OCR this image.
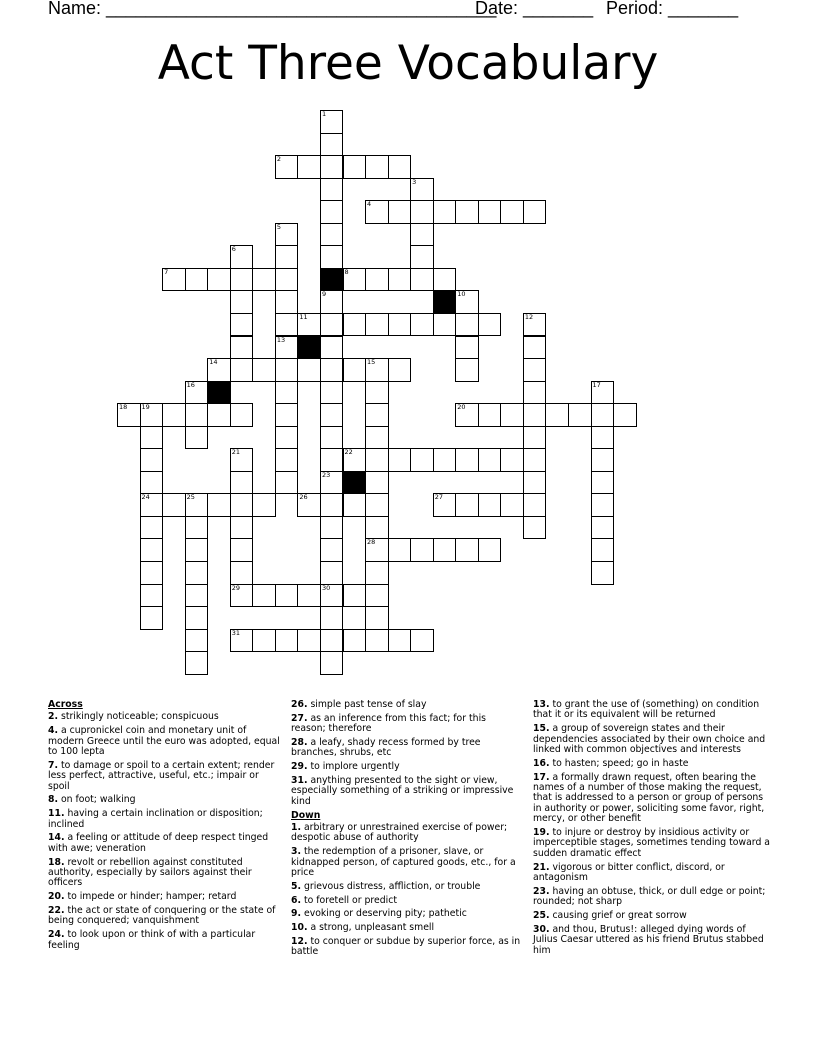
Name: _______________________________________
Date: _______ Period: _______
Act Three Vocabulary
1
9
2
3
4
5
13
6
7	8
23
30
10
11	12
14	15
28
16	17
18 19
24
20
21	22
25	26	27
29
31
Across
2. strikingly noticeable; conspicuous
4. a cupronickel coin and monetary unit of modern Greece until the euro was adopted, equal to 100 lepta
7. to damage or spoil to a certain extent; render less perfect, attractive, useful, etc.; impair or spoil
8. on foot; walking
11. having a certain inclination or disposition; inclined
14. a feeling or attitude of deep respect tinged with awe; veneration
18. revolt or rebellion against constituted authority, especially by sailors against their officers
20. to impede or hinder; hamper; retard
22. the act or state of conquering or the state of being conquered; vanquishment
24. to look upon or think of with a particular feeling
26. simple past tense of slay
27. as an inference from this fact; for this reason; therefore
28. a leafy, shady recess formed by tree branches, shrubs, etc
29. to implore urgently
31. anything presented to the sight or view, especially something of a striking or impressive kind
Down
1. arbitrary or unrestrained exercise of power; despotic abuse of authority
3. the redemption of a prisoner, slave, or kidnapped person, of captured goods, etc., for a price
5. grievous distress, affliction, or trouble
6. to foretell or predict
9. evoking or deserving pity; pathetic
10. a strong, unpleasant smell
12. to conquer or subdue by superior force, as in battle
13. to grant the use of (something) on condition that it or its equivalent will be returned
15. a group of sovereign states and their dependencies associated by their own choice and linked with common objectives and interests
16. to hasten; speed; go in haste
17. a formally drawn request, often bearing the names of a number of those making the request, that is addressed to a person or group of persons in authority or power, soliciting some favor, right, mercy, or other benefit
19. to injure or destroy by insidious activity or imperceptible stages, sometimes tending toward a sudden dramatic effect
21. vigorous or bitter conflict, discord, or antagonism
23. having an obtuse, thick, or dull edge or point; rounded; not sharp
25. causing grief or great sorrow
30. and thou, Brutus!: alleged dying words of Julius Caesar uttered as his friend Brutus stabbed him
